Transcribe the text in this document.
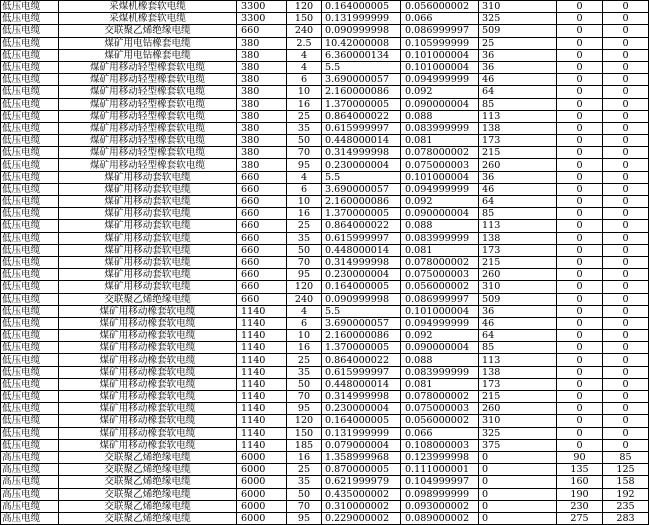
低压电缆	采煤机橡套软电缆	3300	120	0.164000005	0.056000002	310	0	0
低压电缆	采煤机橡套软电缆	3300	150	0.131999999	0.066	325	0	0
低压电缆	交联聚乙烯绝缘电缆	660	240	0.090999998	0.086999997	509	0	0
低压电缆	煤矿用电钻橡套电缆	380	2.5	10.42000008	0.105999999	25	0	0
低压电缆	煤矿用电钻橡套电缆	380	4	6.360000134	0.101000004	36	0	0
低压电缆	煤矿用移动轻型橡套软电缆	380	4	5.5	0.101000004	36	0	0
低压电缆	煤矿用移动轻型橡套软电缆	380	6	3.690000057	0.094999999	46	0	0
低压电缆	煤矿用移动轻型橡套软电缆	380	10	2.160000086	0.092	64	0	0
低压电缆	煤矿用移动轻型橡套软电缆	380	16	1.370000005	0.090000004	85	0	0
低压电缆	煤矿用移动轻型橡套软电缆	380	25	0.864000022	0.088	113	0	0
低压电缆	煤矿用移动轻型橡套软电缆	380	35	0.615999997	0.083999999	138	0	0
低压电缆	煤矿用移动轻型橡套软电缆	380	50	0.448000014	0.081	173	0	0
低压电缆	煤矿用移动轻型橡套软电缆	380	70	0.314999998	0.078000002	215	0	0
低压电缆	煤矿用移动轻型橡套软电缆	380	95	0.230000004	0.075000003	260	0	0
低压电缆	煤矿用移动套软电缆	660	4	5.5	0.101000004	36	0	0
低压电缆	煤矿用移动套软电缆	660	6	3.690000057	0.094999999	46	0	0
低压电缆	煤矿用移动套软电缆	660	10	2.160000086	0.092	64	0	0
低压电缆	煤矿用移动套软电缆	660	16	1.370000005	0.090000004	85	0	0
低压电缆	煤矿用移动套软电缆	660	25	0.864000022	0.088	113	0	0
低压电缆	煤矿用移动套软电缆	660	35	0.615999997	0.083999999	138	0	0
低压电缆	煤矿用移动套软电缆	660	50	0.448000014	0.081	173	0	0
低压电缆	煤矿用移动套软电缆	660	70	0.314999998	0.078000002	215	0	0
低压电缆	煤矿用移动套软电缆	660	95	0.230000004	0.075000003	260	0	0
低压电缆	煤矿用移动套软电缆	660	120	0.164000005	0.056000002	310	0	0
低压电缆	交联聚乙烯绝缘电缆	660	240	0.090999998	0.086999997	509	0	0
低压电缆	煤矿用移动橡套软电缆	1140	4	5.5	0.101000004	36	0	0
低压电缆	煤矿用移动橡套软电缆	1140	6	3.690000057	0.094999999	46	0	0
低压电缆	煤矿用移动橡套软电缆	1140	10	2.160000086	0.092	64	0	0
低压电缆	煤矿用移动橡套软电缆	1140	16	1.370000005	0.090000004	85	0	0
低压电缆	煤矿用移动橡套软电缆	1140	25	0.864000022	0.088	113	0	0
低压电缆	煤矿用移动橡套软电缆	1140	35	0.615999997	0.083999999	138	0	0
低压电缆	煤矿用移动橡套软电缆	1140	50	0.448000014	0.081	173	0	0
低压电缆	煤矿用移动橡套软电缆	1140	70	0.314999998	0.078000002	215	0	0
低压电缆	煤矿用移动橡套软电缆	1140	95	0.230000004	0.075000003	260	0	0
低压电缆	煤矿用移动橡套软电缆	1140	120	0.164000005	0.056000002	310	0	0
低压电缆	煤矿用移动橡套软电缆	1140	150	0.131999999	0.066	325	0	0
低压电缆	煤矿用移动橡套软电缆	1140	185	0.079000004	0.108000003	375	0	0
高压电缆	交联聚乙烯绝缘电缆	6000	16	1.358999968	0.123999998	0	90	85
高压电缆	交联聚乙烯绝缘电缆	6000	25	0.870000005	0.111000001	0	135	125
高压电缆	交联聚乙烯绝缘电缆	6000	35	0.621999979	0.104999997	0	160	158
高压电缆	交联聚乙烯绝缘电缆	6000	50	0.435000002	0.098999999	0	190	192
高压电缆	交联聚乙烯绝缘电缆	6000	70	0.310000002	0.093000002	0	230	235
高压电缆	交联聚乙烯绝缘电缆	6000	95	0.229000002	0.089000002	0	275	283
